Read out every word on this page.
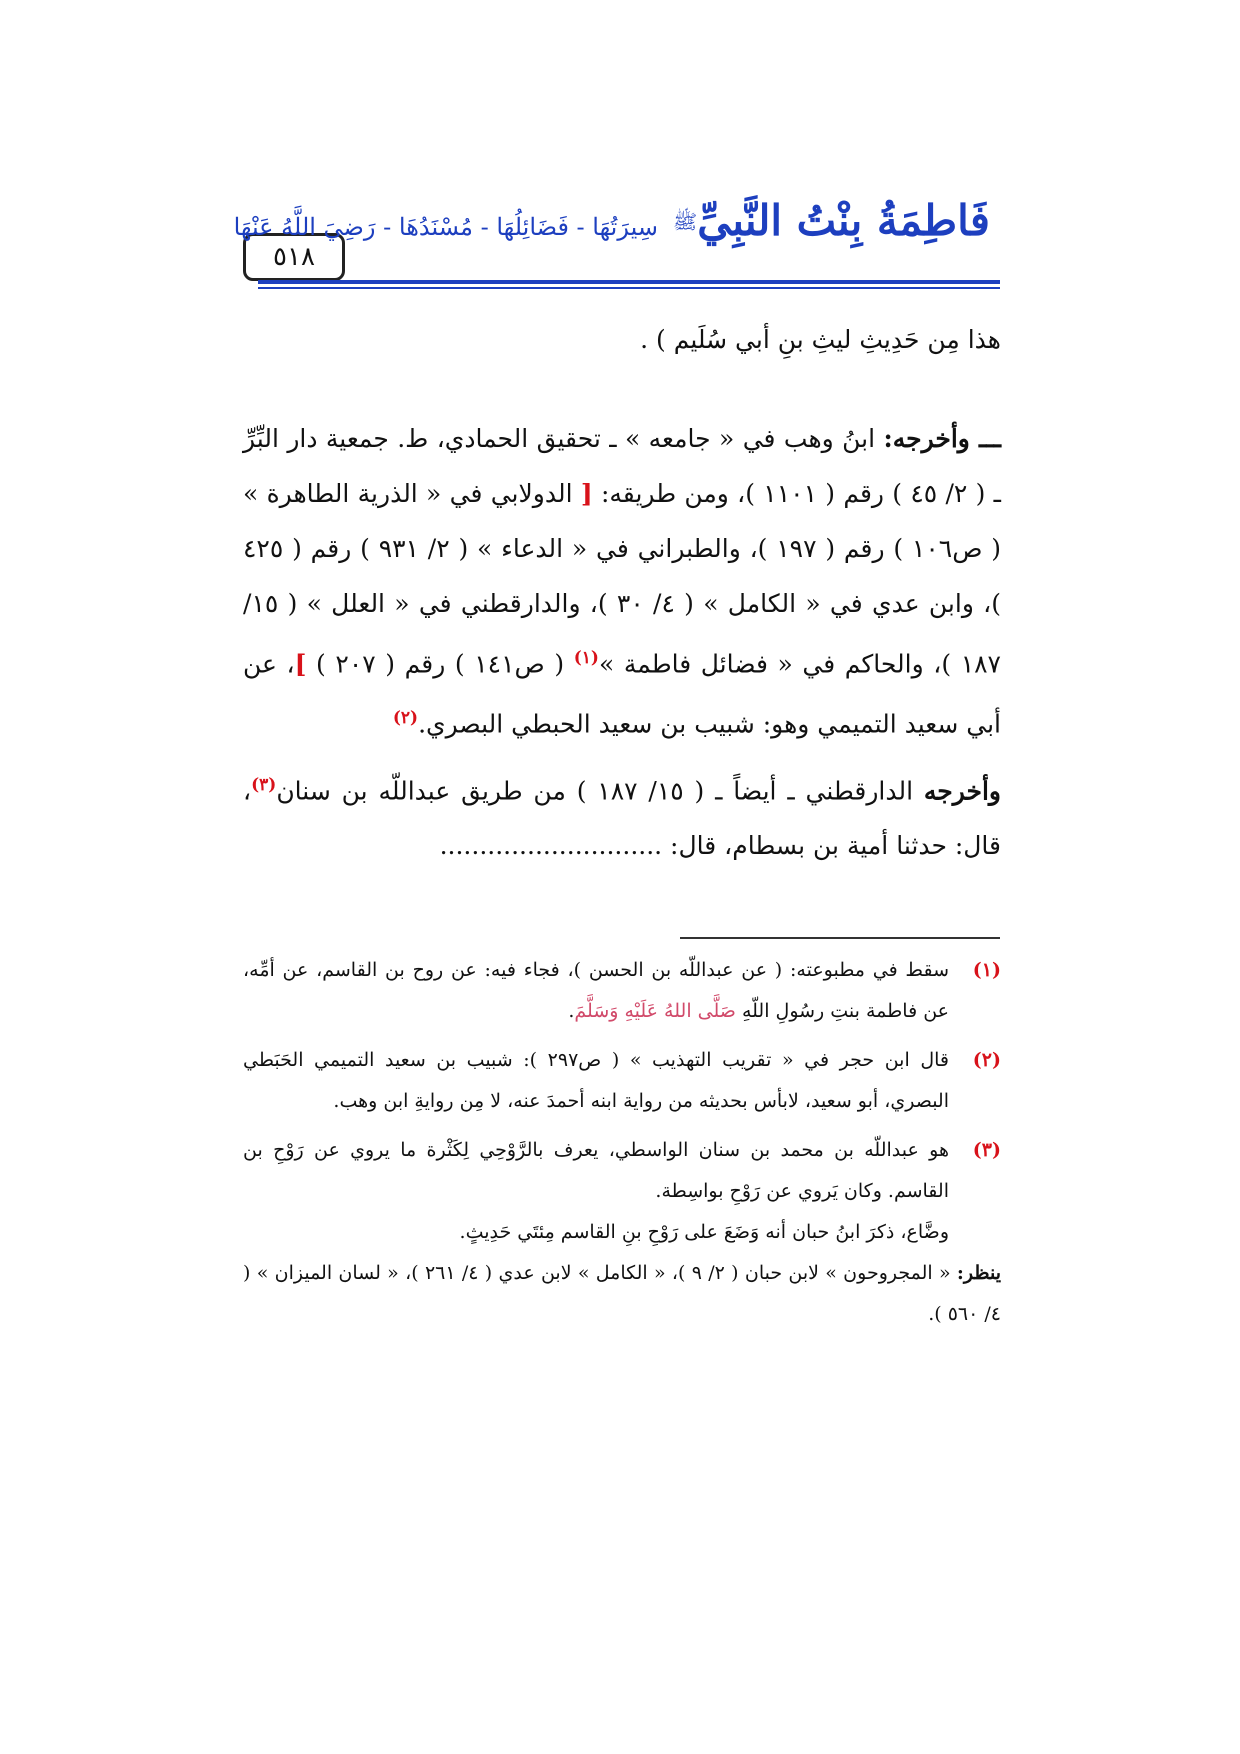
٥١٨
فَاطِمَةُ بِنْتُ النَّبِيِّﷺ سِيرَتُهَا - فَضَائِلُهَا - مُسْنَدُهَا - رَضِيَ اللَّهُ عَنْهَا

هذا مِن حَدِيثِ ليثِ بنِ أبي سُلَيم ) .

ـــ وأخرجه: ابنُ وهب في « جامعه » ـ تحقيق الحمادي، ط. جمعية دار البِّرِّ ـ ( ٢/ ٤٥ ) رقم ( ١١٠١ )، ومن طريقه: [ الدولابي في « الذرية الطاهرة » ( ص١٠٦ ) رقم ( ١٩٧ )، والطبراني في « الدعاء » ( ٢/ ٩٣١ ) رقم ( ٤٢٥ )، وابن عدي في « الكامل » ( ٤/ ٣٠ )، والدارقطني في « العلل » ( ١٥/ ١٨٧ )، والحاكم في « فضائل فاطمة »$^{(١)}$ ( ص١٤١ ) رقم ( ٢٠٧ ) ]، عن أبي سعيد التميمي وهو: شبيب بن سعيد الحبطي البصري.$^{(٢)}$

وأخرجه الدارقطني ـ أيضاً ـ ( ١٥/ ١٨٧ ) من طريق عبداللّه بن سنان$^{(٣)}$، قال: حدثنا أمية بن بسطام، قال: ............................

(١)
سقط في مطبوعته: ( عن عبداللّه بن الحسن )، فجاء فيه: عن روح بن القاسم، عن أمِّه، عن فاطمة بنتِ رسُولِ اللّهِ صَلَّى اللهُ عَلَيْهِ وَسَلَّمَ.

(٢)
قال ابن حجر في « تقريب التهذيب » ( ص٢٩٧ ): شبيب بن سعيد التميمي الحَبَطي البصري، أبو سعيد، لابأس بحديثه من رواية ابنه أحمدَ عنه، لا مِن روايةِ ابن وهب.

(٣)
هو عبداللّه بن محمد بن سنان الواسطي، يعرف بالرَّوْحِي لِكَثْرة ما يروي عن رَوْحِ بن القاسم. وكان يَروي عن رَوْحِ بواسِطة.

وضَّاع، ذكرَ ابنُ حبان أنه وَضَعَ على رَوْحِ بنِ القاسم مِئتَي حَدِيثٍ.

ينظر: « المجروحون » لابن حبان ( ٢/ ٩ )، « الكامل » لابن عدي ( ٤/ ٢٦١ )، « لسان الميزان » ( ٤/ ٥٦٠ ).
